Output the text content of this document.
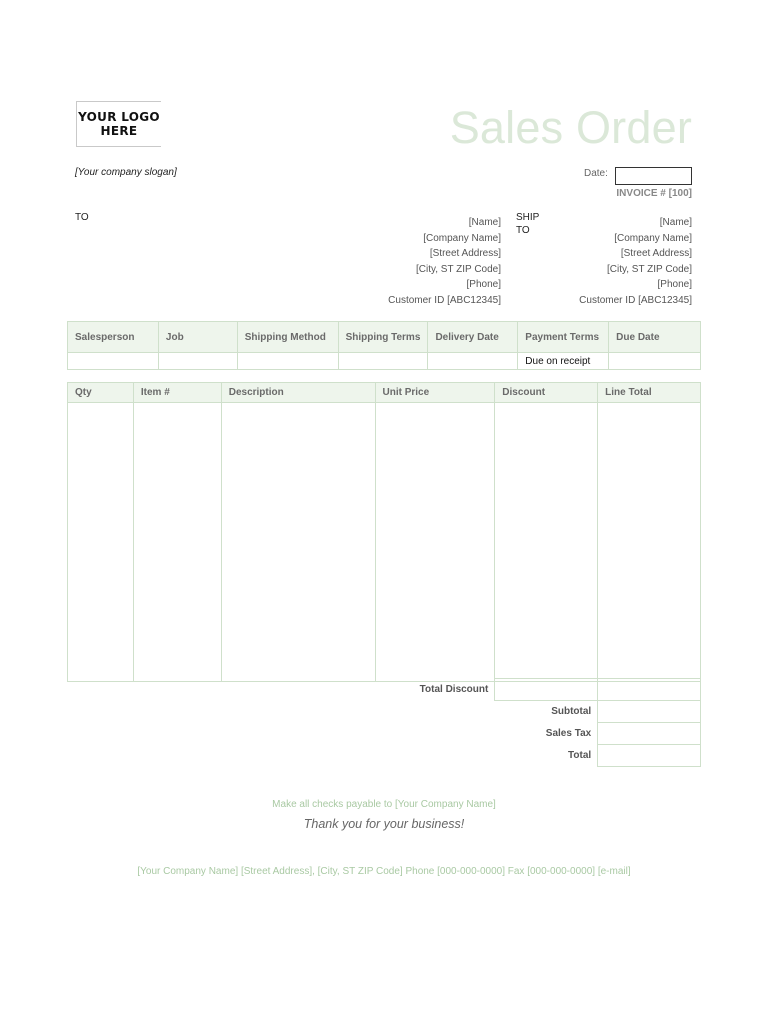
YOUR LOGO
HERE	Sales Order
[Your company slogan]	Date:
INVOICE # [100]
TO	[Name]
[Company Name]
[Street Address]
[City, ST ZIP Code]
[Phone]
Customer ID [ABC12345]
SHIP
TO
[Name]
[Company Name]
[Street Address]
[City, ST ZIP Code]
[Phone]
Customer ID [ABC12345]
Salesperson	Job	Shipping Method	Shipping Terms	Delivery Date	Payment Terms	Due Date
					Due on receipt	
Qty	Item #	Description	Unit Price	Discount	Line Total

Total Discount		
	Subtotal	
	Sales Tax	
	Total	
Make all checks payable to [Your Company Name]
Thank you for your business!
[Your Company Name] [Street Address], [City, ST ZIP Code] Phone [000-000-0000] Fax [000-000-0000] [e-mail]
